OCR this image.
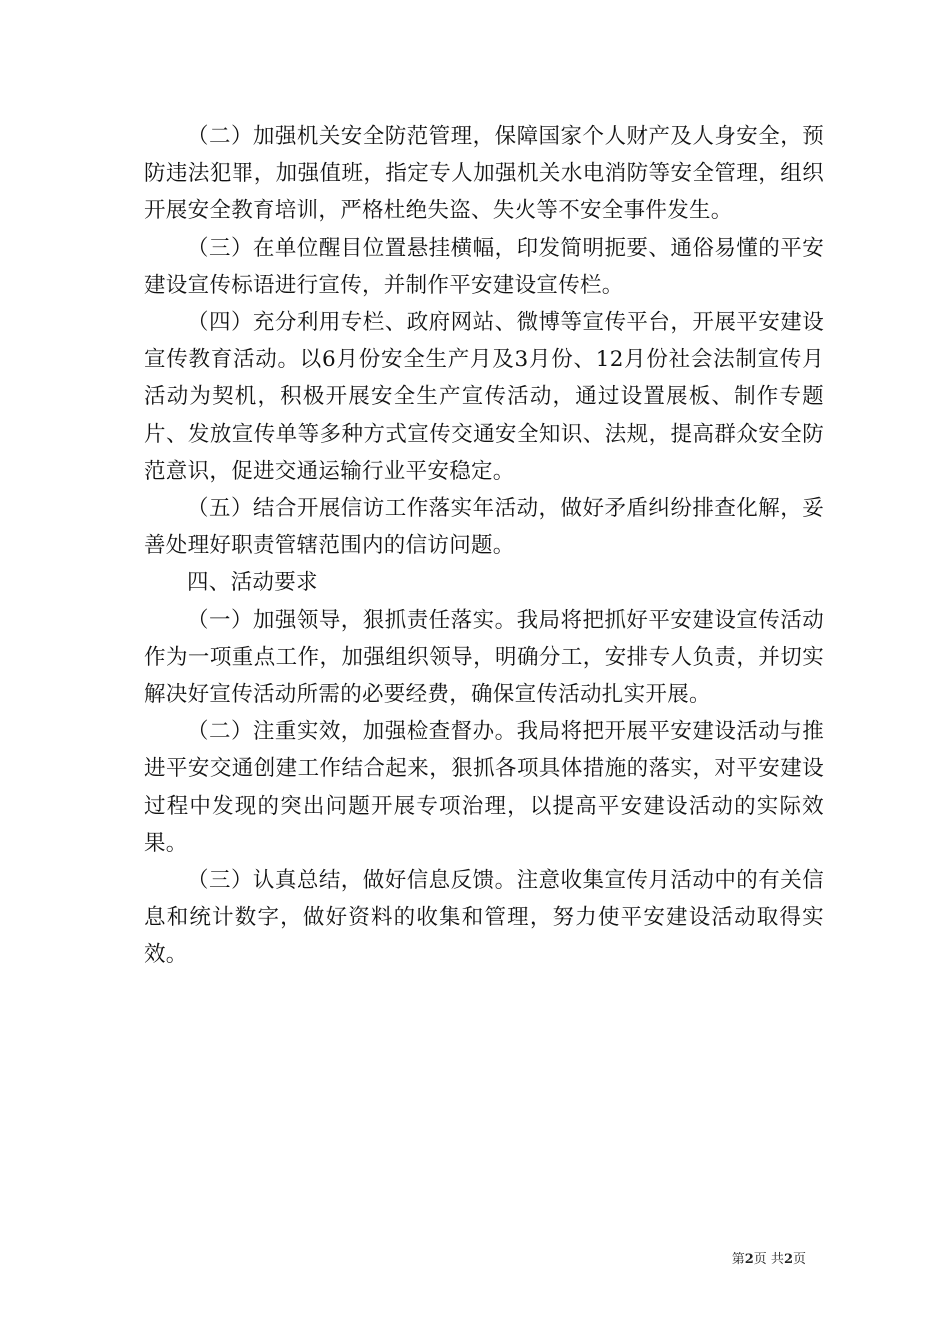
（二）加强机关安全防范管理，保障国家个人财产及人身安全，预防违法犯罪，加强值班，指定专人加强机关水电消防等安全管理，组织开展安全教育培训，严格杜绝失盗、失火等不安全事件发生。

（三）在单位醒目位置悬挂横幅，印发简明扼要、通俗易懂的平安建设宣传标语进行宣传，并制作平安建设宣传栏。

（四）充分利用专栏、政府网站、微博等宣传平台，开展平安建设宣传教育活动。以6月份安全生产月及3月份、12月份社会法制宣传月活动为契机，积极开展安全生产宣传活动，通过设置展板、制作专题片、发放宣传单等多种方式宣传交通安全知识、法规，提高群众安全防范意识，促进交通运输行业平安稳定。

（五）结合开展信访工作落实年活动，做好矛盾纠纷排查化解，妥善处理好职责管辖范围内的信访问题。

四、活动要求

（一）加强领导，狠抓责任落实。我局将把抓好平安建设宣传活动作为一项重点工作，加强组织领导，明确分工，安排专人负责，并切实解决好宣传活动所需的必要经费，确保宣传活动扎实开展。

（二）注重实效，加强检查督办。我局将把开展平安建设活动与推进平安交通创建工作结合起来，狠抓各项具体措施的落实，对平安建设过程中发现的突出问题开展专项治理，以提高平安建设活动的实际效果。

（三）认真总结，做好信息反馈。注意收集宣传月活动中的有关信息和统计数字，做好资料的收集和管理，努力使平安建设活动取得实效。

第2页 共2页
